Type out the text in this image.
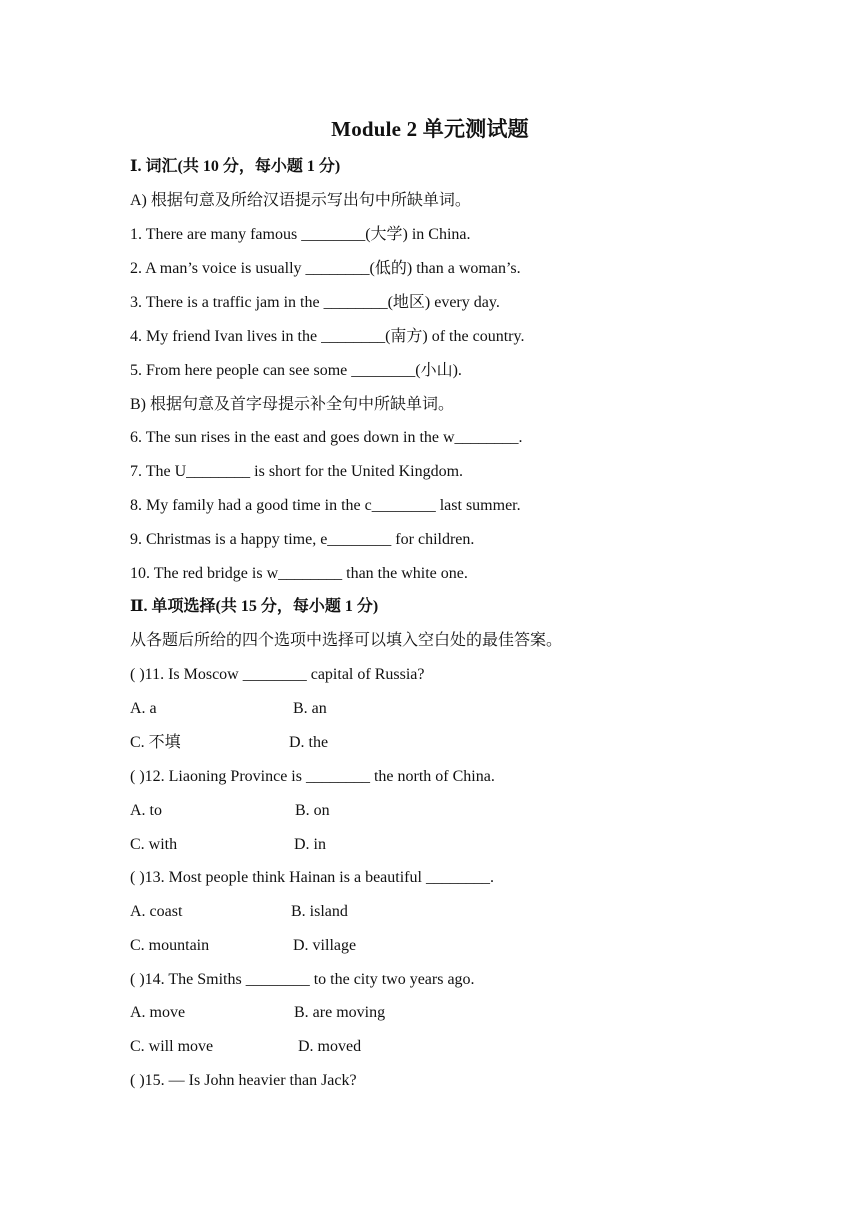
Module 2 单元测试题
Ⅰ. 词汇(共 10 分，每小题 1 分)
A) 根据句意及所给汉语提示写出句中所缺单词。
1. There are many famous ________(大学) in China.
2. A man’s voice is usually ________(低的) than a woman’s.
3. There is a traffic jam in the ________(地区) every day.
4. My friend Ivan lives in the ________(南方) of the country.
5. From here people can see some ________(小山).
B) 根据句意及首字母提示补全句中所缺单词。
6. The sun rises in the east and goes down in the w________.
7. The U________ is short for the United Kingdom.
8. My family had a good time in the c________ last summer.
9. Christmas is a happy time, e________ for children.
10. The red bridge is w________ than the white one.
Ⅱ. 单项选择(共 15 分，每小题 1 分)
从各题后所给的四个选项中选择可以填入空白处的最佳答案。
( )11. Is Moscow ________ capital of Russia?
A. a	B. an
C. 不填	D. the
( )12. Liaoning Province is ________ the north of China.
A. to	B. on
C. with	D. in
( )13. Most people think Hainan is a beautiful ________.
A. coast	B. island
C. mountain	D. village
( )14. The Smiths ________ to the city two years ago.
A. move	B. are moving
C. will move	D. moved
( )15. — Is John heavier than Jack?
